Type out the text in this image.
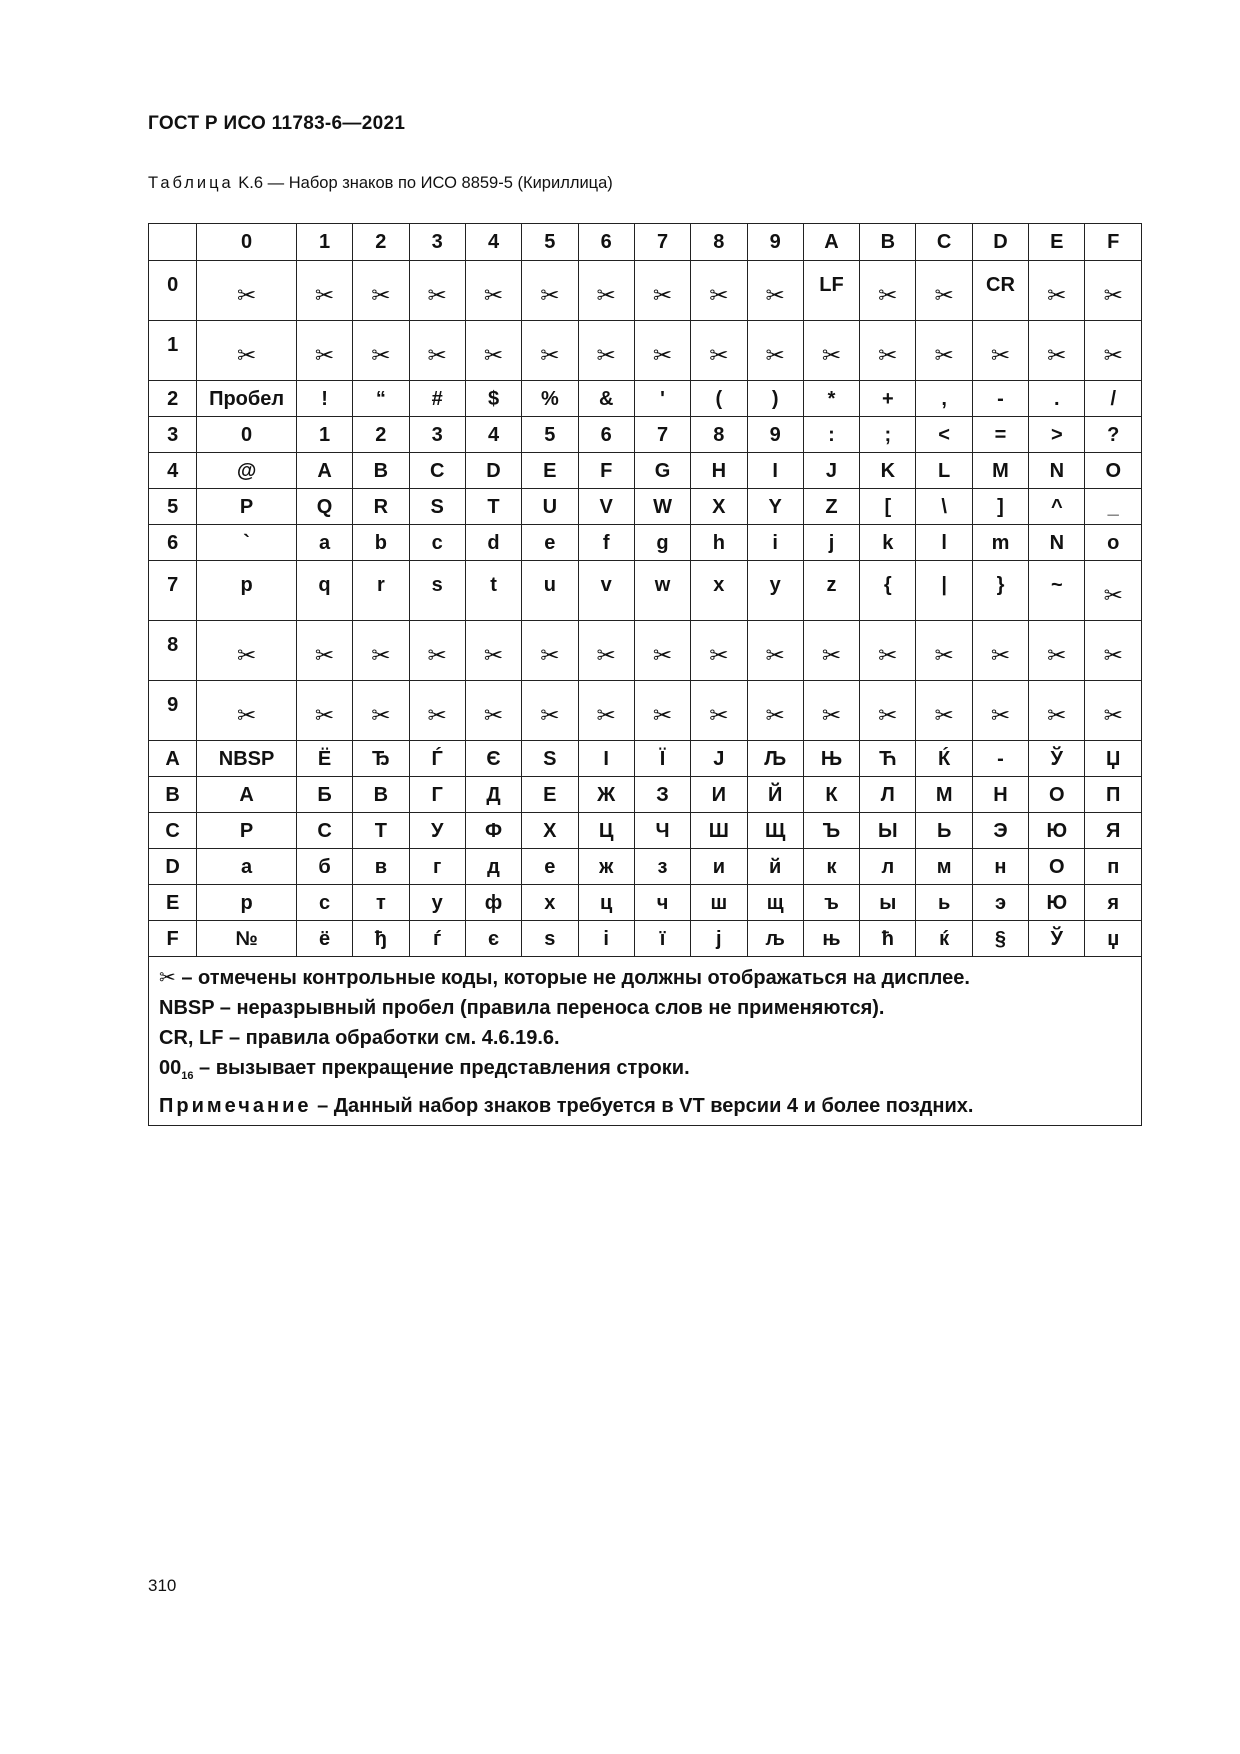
ГОСТ Р ИСО 11783-6—2021
Таблица K.6 — Набор знаков по ИСО 8859-5 (Кириллица)
	0	1	2	3	4	5	6	7	8	9	A	B	C	D	E	F
0	✂	✂	✂	✂	✂	✂	✂	✂	✂	✂	LF	✂	✂	CR	✂	✂
1	✂	✂	✂	✂	✂	✂	✂	✂	✂	✂	✂	✂	✂	✂	✂	✂
2	Пробел	!	“	#	$	%	&	'	(	)	*	+	,	-	.	/
3	0	1	2	3	4	5	6	7	8	9	:	;	<	=	>	?
4	@	A	B	C	D	E	F	G	H	I	J	K	L	M	N	O
5	P	Q	R	S	T	U	V	W	X	Y	Z	[	\	]	^	_
6	`	a	b	c	d	e	f	g	h	i	j	k	l	m	N	o
7	p	q	r	s	t	u	v	w	x	y	z	{	|	}	~	✂
8	✂	✂	✂	✂	✂	✂	✂	✂	✂	✂	✂	✂	✂	✂	✂	✂
9	✂	✂	✂	✂	✂	✂	✂	✂	✂	✂	✂	✂	✂	✂	✂	✂
A	NBSP	Ё	Ђ	Ѓ	Є	S	I	Ї	J	Љ	Њ	Ћ	Ќ	-	Ў	Џ
B	А	Б	В	Г	Д	Е	Ж	З	И	Й	К	Л	М	Н	О	П
C	Р	С	Т	У	Ф	Х	Ц	Ч	Ш	Щ	Ъ	Ы	Ь	Э	Ю	Я
D	а	б	в	г	д	е	ж	з	и	й	к	л	м	н	О	п
E	р	с	т	у	ф	х	ц	ч	ш	щ	ъ	ы	ь	э	Ю	я
F	№	ё	ђ	ѓ	є	s	і	ї	ј	љ	њ	ћ	ќ	§	Ў	џ

✂ – отмечены контрольные коды, которые не должны отображаться на дисплее.
NBSP – неразрывный пробел (правила переноса слов не применяются).
CR, LF – правила обработки см. 4.6.19.6.
$00_{16}$ – вызывает прекращение представления строки.
Примечание – Данный набор знаков требуется в VT версии 4 и более поздних.																
310
